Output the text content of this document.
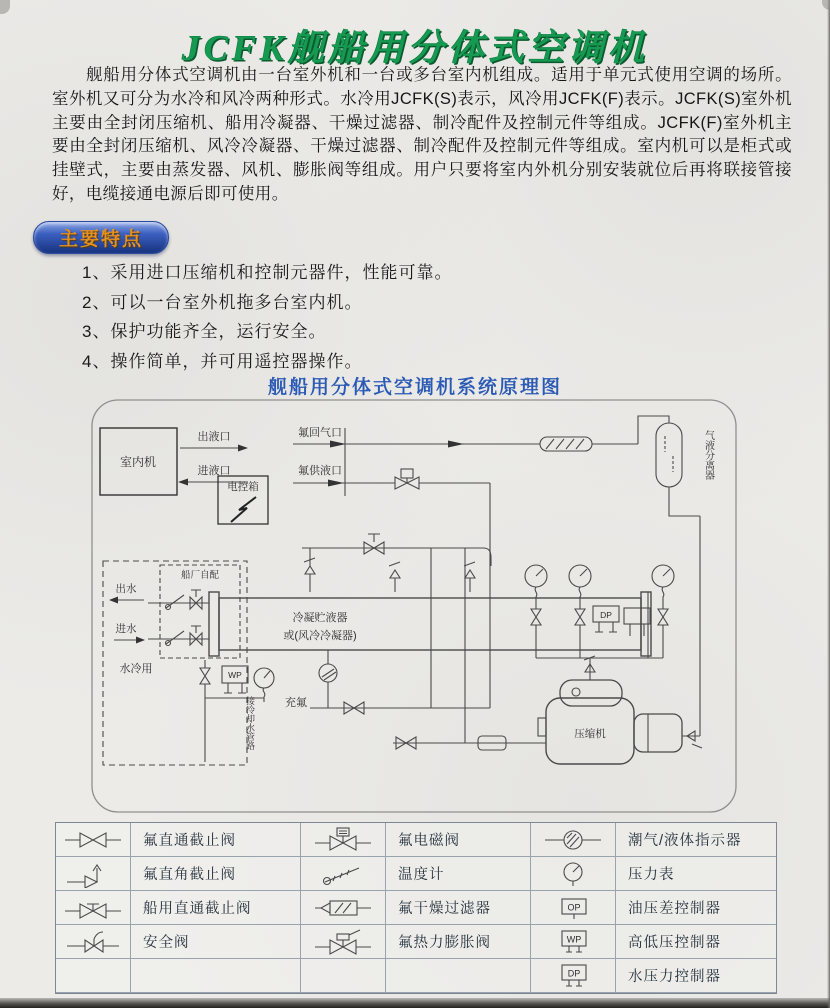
JCFK舰船用分体式空调机

舰船用分体式空调机由一台室外机和一台或多台室内机组成。适用于单元式使用空调的场所。室外机又可分为水冷和风冷两种形式。水冷用JCFK(S)表示，风冷用JCFK(F)表示。JCFK(S)室外机主要由全封闭压缩机、船用冷凝器、干燥过滤器、制冷配件及控制元件等组成。JCFK(F)室外机主要由全封闭压缩机、风冷冷凝器、干燥过滤器、制冷配件及控制元件等组成。室内机可以是柜式或挂壁式，主要由蒸发器、风机、膨胀阀等组成。用户只要将室内外机分别安装就位后再将联接管接好，电缆接通电源后即可使用。

主要特点
1、采用进口压缩机和控制元器件，性能可靠。
2、可以一台室外机拖多台室内机。
3、保护功能齐全，运行安全。
4、操作简单，并可用遥控器操作。
舰船用分体式空调机系统原理图
室内机
出液口
进液口
电控箱
氟回气口	气液分离器
氟供液口
冷凝贮液器
或(风冷冷凝器)
船厂自配
出水
进水
水冷用	WP
接冷却水管路	充氟
压缩机
DP
氟直通截止阀	氟电磁阀	潮气/液体指示器
氟直角截止阀	温度计	压力表
船用直通截止阀	氟干燥过滤器	OP	油压差控制器
安全阀	氟热力膨胀阀	WP	高低压控制器
DP	水压力控制器
